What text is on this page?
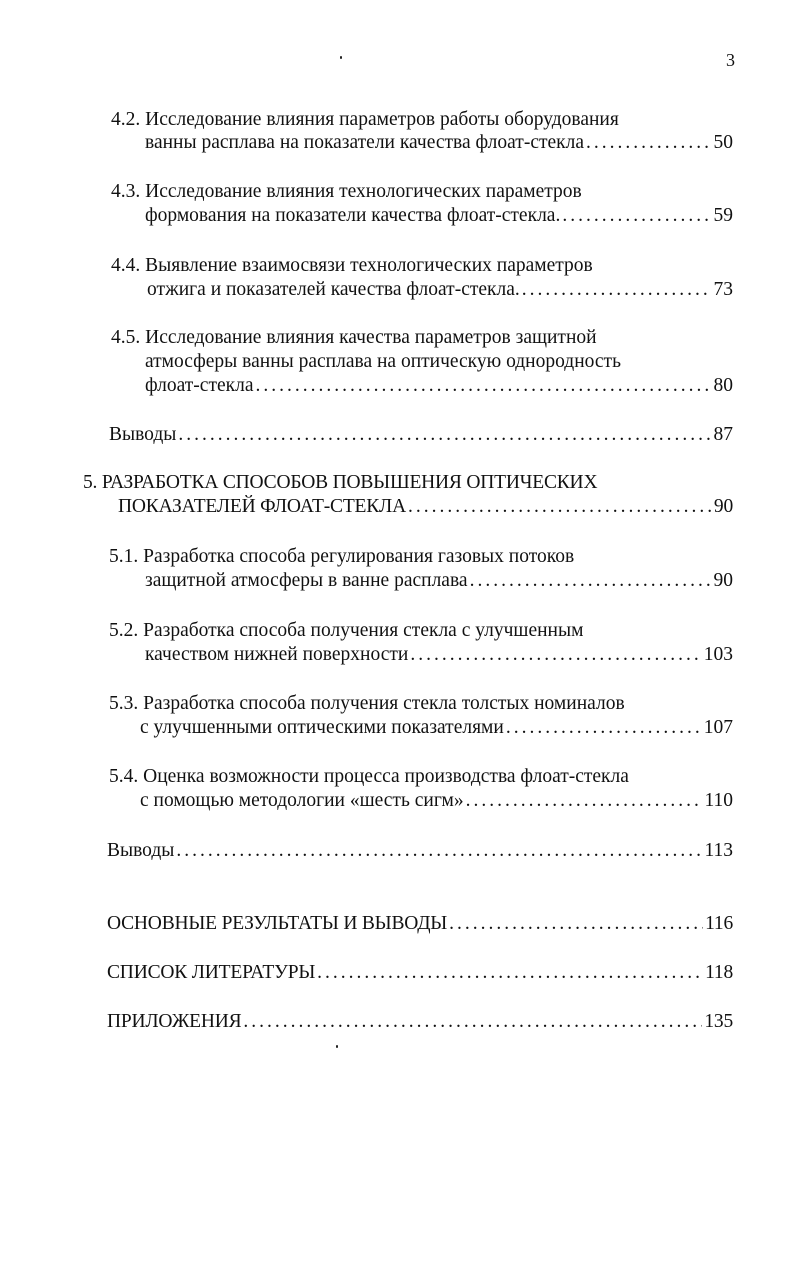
3
4.2. Исследование влияния параметров работы оборудования
ванны расплава на показатели качества флоат-стекла .....	50
4.3. Исследование влияния технологических параметров
формования на показатели качества флоат-стекла. .....	59
4.4. Выявление взаимосвязи технологических параметров
отжига и показателей качества флоат-стекла. .....	73
4.5. Исследование влияния качества параметров защитной
атмосферы ванны расплава на оптическую однородность
флоат-стекла .....	80
Выводы .....	87
5. РАЗРАБОТКА СПОСОБОВ ПОВЫШЕНИЯ ОПТИЧЕСКИХ
ПОКАЗАТЕЛЕЙ ФЛОАТ-СТЕКЛА .....	90
5.1. Разработка способа регулирования газовых потоков
защитной атмосферы в ванне расплава .....	90
5.2. Разработка способа получения стекла с улучшенным
качеством нижней поверхности .....	103
5.3. Разработка способа получения стекла толстых номиналов
с улучшенными оптическими показателями .....	107
5.4. Оценка возможности процесса производства флоат-стекла
с помощью методологии «шесть сигм» .....	110
Выводы .....	113
ОСНОВНЫЕ РЕЗУЛЬТАТЫ И ВЫВОДЫ .....	116
СПИСОК ЛИТЕРАТУРЫ .....	118
ПРИЛОЖЕНИЯ .....	135
